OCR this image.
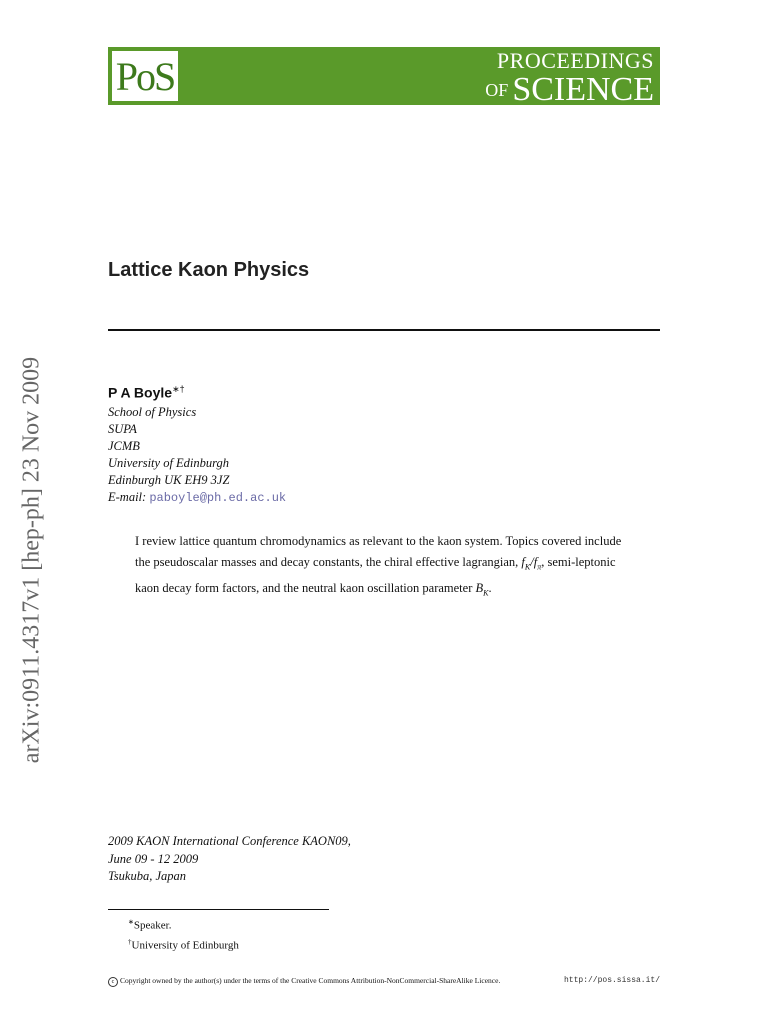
PoS	PROCEEDINGS
$^{OF}$ SCIENCE
arXiv:0911.4317v1 [hep-ph] 23 Nov 2009
Lattice Kaon Physics
P A Boyle∗†
School of Physics
SUPA
JCMB
University of Edinburgh
Edinburgh UK EH9 3JZ
E-mail: paboyle@ph.ed.ac.uk
I review lattice quantum chromodynamics as relevant to the kaon system. Topics covered include the pseudoscalar masses and decay constants, the chiral effective lagrangian, $f_K/f_\pi$, semi-leptonic kaon decay form factors, and the neutral kaon oscillation parameter $B_K$.
2009 KAON International Conference KAON09,
June 09 - 12 2009
Tsukuba, Japan
∗Speaker.
†University of Edinburgh
c Copyright owned by the author(s) under the terms of the Creative Commons Attribution-NonCommercial-ShareAlike Licence.	http://pos.sissa.it/
